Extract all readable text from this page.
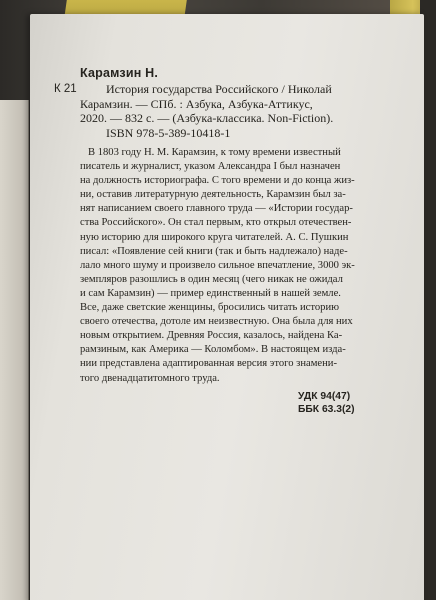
Карамзин Н.
К 21	История государства Российского / Николай
Карамзин. — СПб. : Азбука, Азбука-Аттикус,
2020. — 832 с. — (Азбука-классика. Non-Fiction).
ISBN 978-5-389-10418-1
В 1803 году Н. М. Карамзин, к тому времени известный
писатель и журналист, указом Александра I был назначен
на должность историографа. С того времени и до конца жиз-
ни, оставив литературную деятельность, Карамзин был за-
нят написанием своего главного труда — «Истории государ-
ства Российского». Он стал первым, кто открыл отечествен-
ную историю для широкого круга читателей. А. С. Пушкин
писал: «Появление сей книги (так и быть надлежало) наде-
лало много шуму и произвело сильное впечатление, 3000 эк-
земпляров разошлись в один месяц (чего никак не ожидал
и сам Карамзин) — пример единственный в нашей земле.
Все, даже светские женщины, бросились читать историю
своего отечества, дотоле им неизвестную. Она была для них
новым открытием. Древняя Россия, казалось, найдена Ка-
рамзиным, как Америка — Коломбом». В настоящем изда-
нии представлена адаптированная версия этого знамени-
того двенадцатитомного труда.
УДК 94(47)
ББК 63.3(2)
